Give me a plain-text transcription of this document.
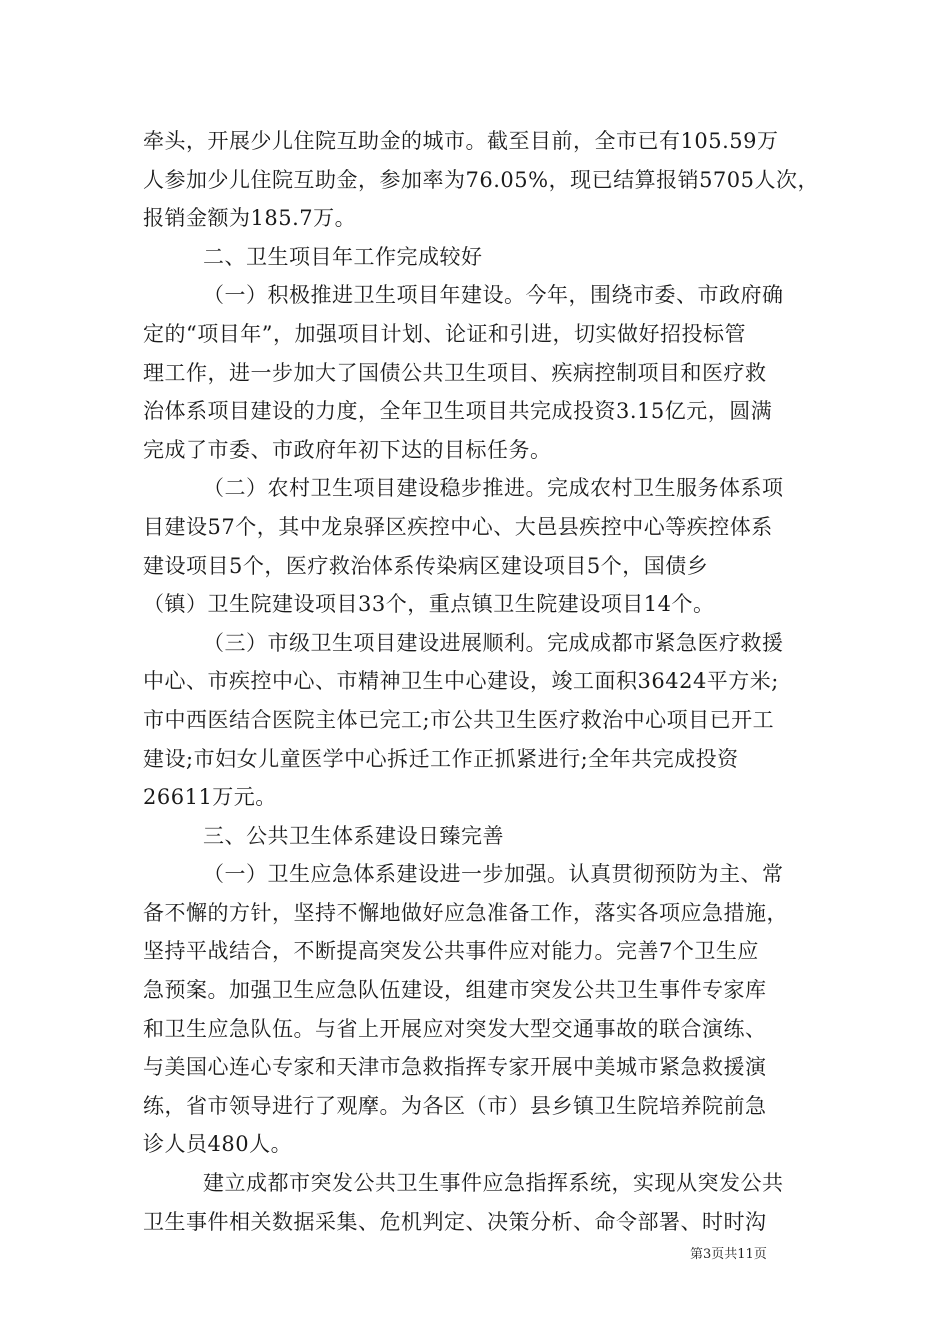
牵头，开展少儿住院互助金的城市。截至目前，全市已有105.59万
人参加少儿住院互助金，参加率为76.05%，现已结算报销5705人次，
报销金额为185.7万。
二、卫生项目年工作完成较好
（一）积极推进卫生项目年建设。今年，围绕市委、市政府确
定的“项目年”，加强项目计划、论证和引进，切实做好招投标管
理工作，进一步加大了国债公共卫生项目、疾病控制项目和医疗救
治体系项目建设的力度，全年卫生项目共完成投资3.15亿元，圆满
完成了市委、市政府年初下达的目标任务。
（二）农村卫生项目建设稳步推进。完成农村卫生服务体系项
目建设57个，其中龙泉驿区疾控中心、大邑县疾控中心等疾控体系
建设项目5个，医疗救治体系传染病区建设项目5个，国债乡
（镇）卫生院建设项目33个，重点镇卫生院建设项目14个。
（三）市级卫生项目建设进展顺利。完成成都市紧急医疗救援
中心、市疾控中心、市精神卫生中心建设，竣工面积36424平方米;
市中西医结合医院主体已完工;市公共卫生医疗救治中心项目已开工
建设;市妇女儿童医学中心拆迁工作正抓紧进行;全年共完成投资
26611万元。
三、公共卫生体系建设日臻完善
（一）卫生应急体系建设进一步加强。认真贯彻预防为主、常
备不懈的方针，坚持不懈地做好应急准备工作，落实各项应急措施，
坚持平战结合，不断提高突发公共事件应对能力。完善7个卫生应
急预案。加强卫生应急队伍建设，组建市突发公共卫生事件专家库
和卫生应急队伍。与省上开展应对突发大型交通事故的联合演练、
与美国心连心专家和天津市急救指挥专家开展中美城市紧急救援演
练，省市领导进行了观摩。为各区（市）县乡镇卫生院培养院前急
诊人员480人。
建立成都市突发公共卫生事件应急指挥系统，实现从突发公共
卫生事件相关数据采集、危机判定、决策分析、命令部署、时时沟
第3页共11页
